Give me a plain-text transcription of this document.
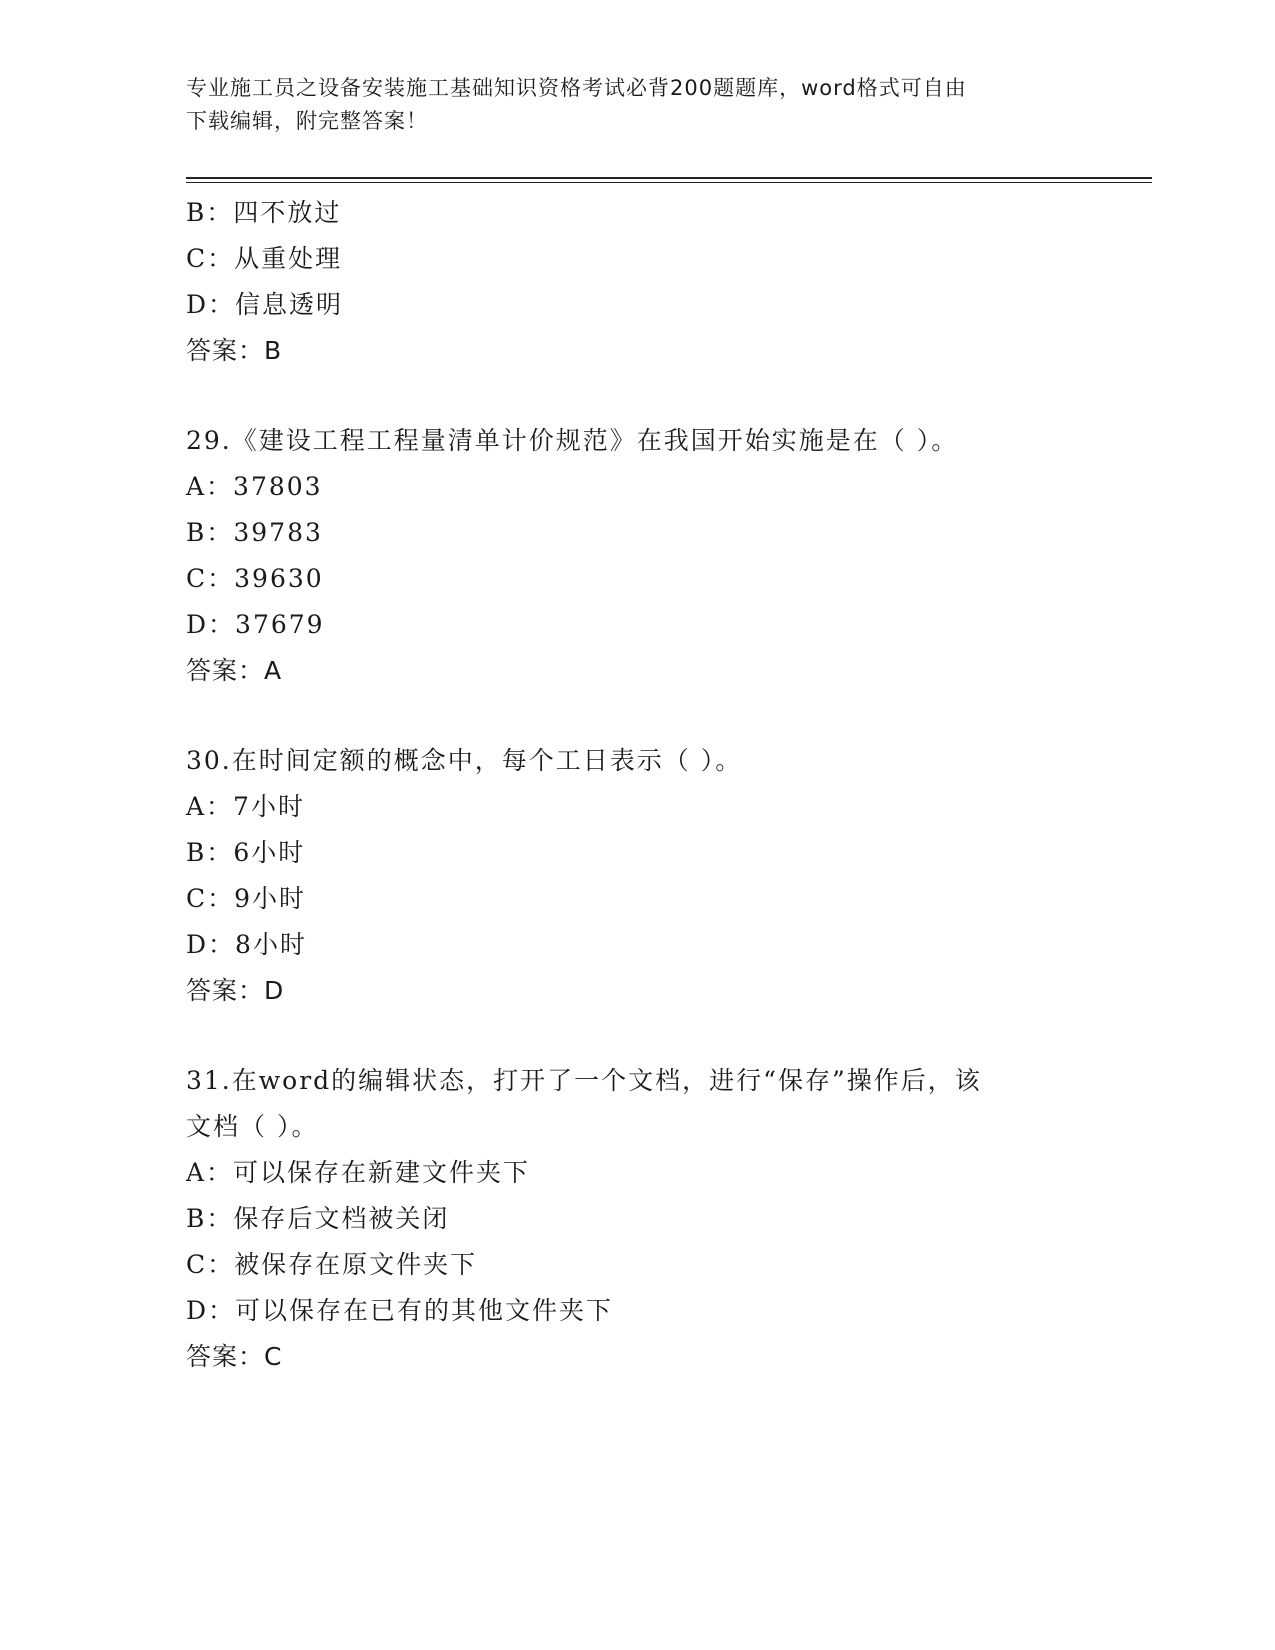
专业施工员之设备安装施工基础知识资格考试必背200题题库，word格式可自由
下载编辑，附完整答案！
B：四不放过
C：从重处理
D：信息透明
答案：B
29.《建设工程工程量清单计价规范》在我国开始实施是在（ ）。
A：37803
B：39783
C：39630
D：37679
答案：A
30.在时间定额的概念中，每个工日表示（ ）。
A：7小时
B：6小时
C：9小时
D：8小时
答案：D
31.在word的编辑状态，打开了一个文档，进行“保存”操作后，该
文档（ ）。
A：可以保存在新建文件夹下
B：保存后文档被关闭
C：被保存在原文件夹下
D：可以保存在已有的其他文件夹下
答案：C
